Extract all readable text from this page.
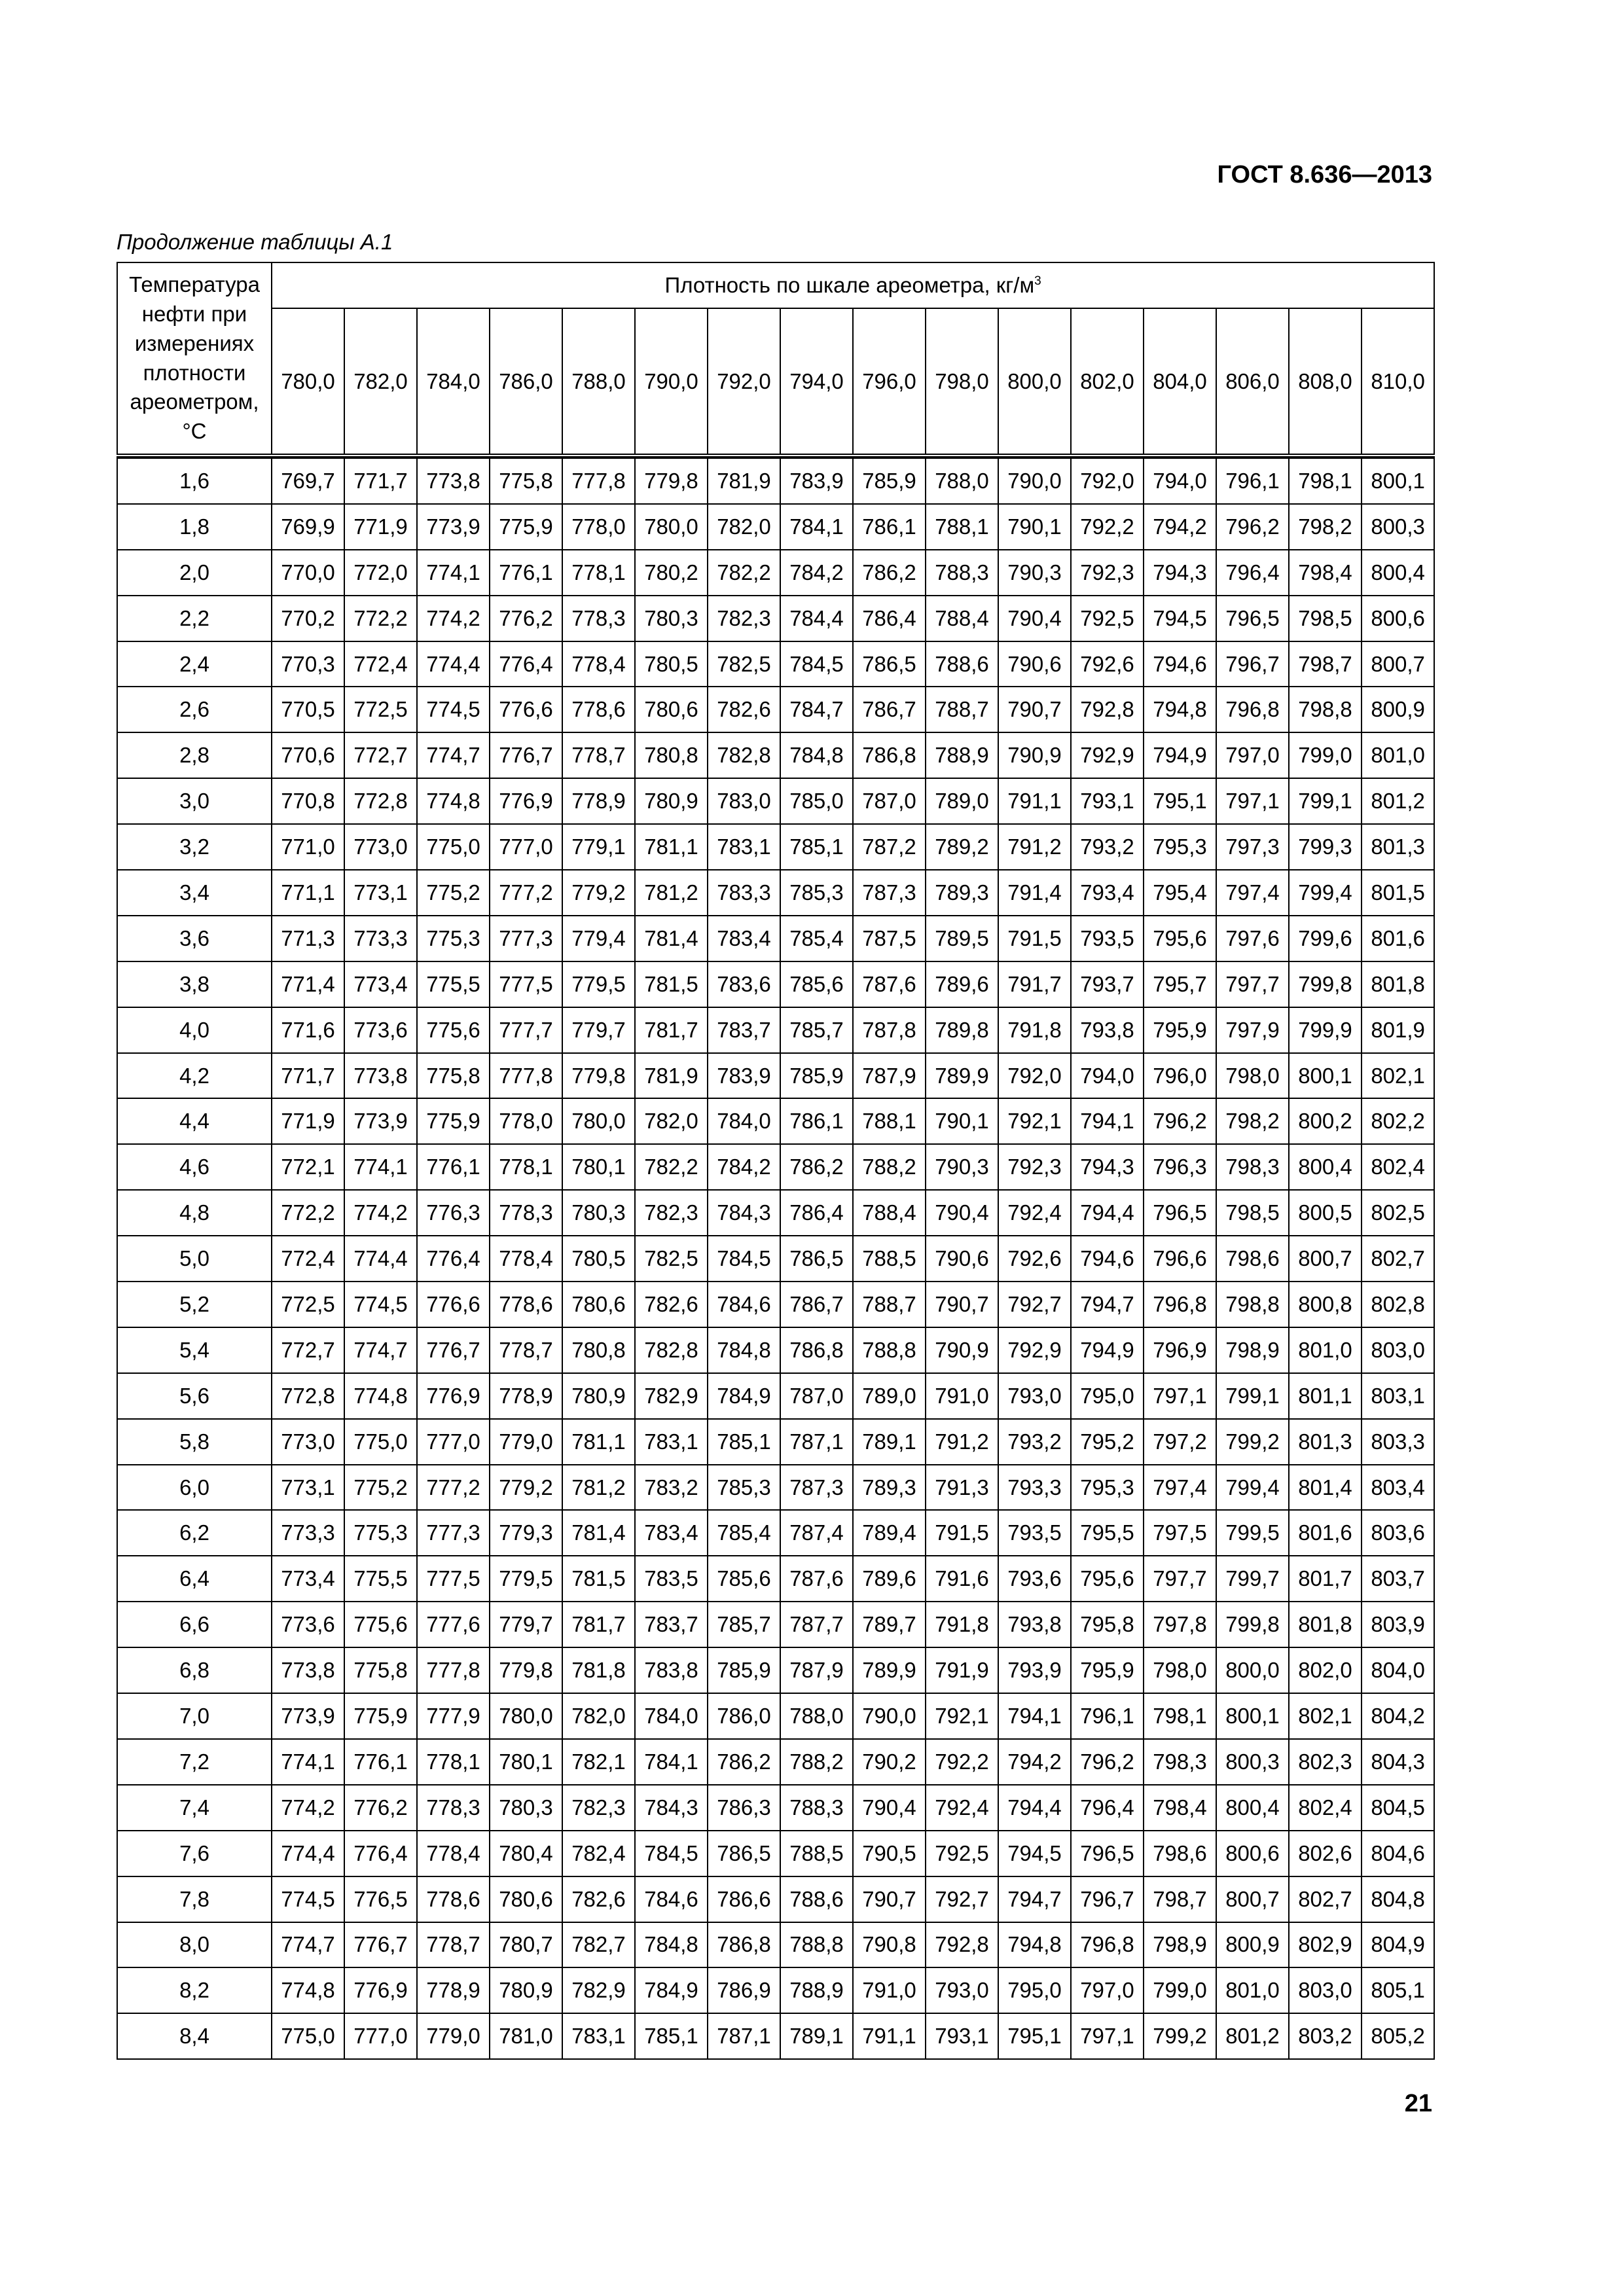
ГОСТ 8.636—2013
Продолжение таблицы А.1
Температура нефти при измерениях плотности ареометром, °С	Плотность по шкале ареометра, $кг/м^3$
	780,0	782,0	784,0	786,0	788,0	790,0	792,0	794,0	796,0	798,0	800,0	802,0	804,0	806,0	808,0	810,0

1,6	769,7	771,7	773,8	775,8	777,8	779,8	781,9	783,9	785,9	788,0	790,0	792,0	794,0	796,1	798,1	800,1
1,8	769,9	771,9	773,9	775,9	778,0	780,0	782,0	784,1	786,1	788,1	790,1	792,2	794,2	796,2	798,2	800,3
2,0	770,0	772,0	774,1	776,1	778,1	780,2	782,2	784,2	786,2	788,3	790,3	792,3	794,3	796,4	798,4	800,4
2,2	770,2	772,2	774,2	776,2	778,3	780,3	782,3	784,4	786,4	788,4	790,4	792,5	794,5	796,5	798,5	800,6
2,4	770,3	772,4	774,4	776,4	778,4	780,5	782,5	784,5	786,5	788,6	790,6	792,6	794,6	796,7	798,7	800,7
2,6	770,5	772,5	774,5	776,6	778,6	780,6	782,6	784,7	786,7	788,7	790,7	792,8	794,8	796,8	798,8	800,9
2,8	770,6	772,7	774,7	776,7	778,7	780,8	782,8	784,8	786,8	788,9	790,9	792,9	794,9	797,0	799,0	801,0
3,0	770,8	772,8	774,8	776,9	778,9	780,9	783,0	785,0	787,0	789,0	791,1	793,1	795,1	797,1	799,1	801,2
3,2	771,0	773,0	775,0	777,0	779,1	781,1	783,1	785,1	787,2	789,2	791,2	793,2	795,3	797,3	799,3	801,3
3,4	771,1	773,1	775,2	777,2	779,2	781,2	783,3	785,3	787,3	789,3	791,4	793,4	795,4	797,4	799,4	801,5
3,6	771,3	773,3	775,3	777,3	779,4	781,4	783,4	785,4	787,5	789,5	791,5	793,5	795,6	797,6	799,6	801,6
3,8	771,4	773,4	775,5	777,5	779,5	781,5	783,6	785,6	787,6	789,6	791,7	793,7	795,7	797,7	799,8	801,8
4,0	771,6	773,6	775,6	777,7	779,7	781,7	783,7	785,7	787,8	789,8	791,8	793,8	795,9	797,9	799,9	801,9
4,2	771,7	773,8	775,8	777,8	779,8	781,9	783,9	785,9	787,9	789,9	792,0	794,0	796,0	798,0	800,1	802,1
4,4	771,9	773,9	775,9	778,0	780,0	782,0	784,0	786,1	788,1	790,1	792,1	794,1	796,2	798,2	800,2	802,2
4,6	772,1	774,1	776,1	778,1	780,1	782,2	784,2	786,2	788,2	790,3	792,3	794,3	796,3	798,3	800,4	802,4
4,8	772,2	774,2	776,3	778,3	780,3	782,3	784,3	786,4	788,4	790,4	792,4	794,4	796,5	798,5	800,5	802,5
5,0	772,4	774,4	776,4	778,4	780,5	782,5	784,5	786,5	788,5	790,6	792,6	794,6	796,6	798,6	800,7	802,7
5,2	772,5	774,5	776,6	778,6	780,6	782,6	784,6	786,7	788,7	790,7	792,7	794,7	796,8	798,8	800,8	802,8
5,4	772,7	774,7	776,7	778,7	780,8	782,8	784,8	786,8	788,8	790,9	792,9	794,9	796,9	798,9	801,0	803,0
5,6	772,8	774,8	776,9	778,9	780,9	782,9	784,9	787,0	789,0	791,0	793,0	795,0	797,1	799,1	801,1	803,1
5,8	773,0	775,0	777,0	779,0	781,1	783,1	785,1	787,1	789,1	791,2	793,2	795,2	797,2	799,2	801,3	803,3
6,0	773,1	775,2	777,2	779,2	781,2	783,2	785,3	787,3	789,3	791,3	793,3	795,3	797,4	799,4	801,4	803,4
6,2	773,3	775,3	777,3	779,3	781,4	783,4	785,4	787,4	789,4	791,5	793,5	795,5	797,5	799,5	801,6	803,6
6,4	773,4	775,5	777,5	779,5	781,5	783,5	785,6	787,6	789,6	791,6	793,6	795,6	797,7	799,7	801,7	803,7
6,6	773,6	775,6	777,6	779,7	781,7	783,7	785,7	787,7	789,7	791,8	793,8	795,8	797,8	799,8	801,8	803,9
6,8	773,8	775,8	777,8	779,8	781,8	783,8	785,9	787,9	789,9	791,9	793,9	795,9	798,0	800,0	802,0	804,0
7,0	773,9	775,9	777,9	780,0	782,0	784,0	786,0	788,0	790,0	792,1	794,1	796,1	798,1	800,1	802,1	804,2
7,2	774,1	776,1	778,1	780,1	782,1	784,1	786,2	788,2	790,2	792,2	794,2	796,2	798,3	800,3	802,3	804,3
7,4	774,2	776,2	778,3	780,3	782,3	784,3	786,3	788,3	790,4	792,4	794,4	796,4	798,4	800,4	802,4	804,5
7,6	774,4	776,4	778,4	780,4	782,4	784,5	786,5	788,5	790,5	792,5	794,5	796,5	798,6	800,6	802,6	804,6
7,8	774,5	776,5	778,6	780,6	782,6	784,6	786,6	788,6	790,7	792,7	794,7	796,7	798,7	800,7	802,7	804,8
8,0	774,7	776,7	778,7	780,7	782,7	784,8	786,8	788,8	790,8	792,8	794,8	796,8	798,9	800,9	802,9	804,9
8,2	774,8	776,9	778,9	780,9	782,9	784,9	786,9	788,9	791,0	793,0	795,0	797,0	799,0	801,0	803,0	805,1
8,4	775,0	777,0	779,0	781,0	783,1	785,1	787,1	789,1	791,1	793,1	795,1	797,1	799,2	801,2	803,2	805,2
21
